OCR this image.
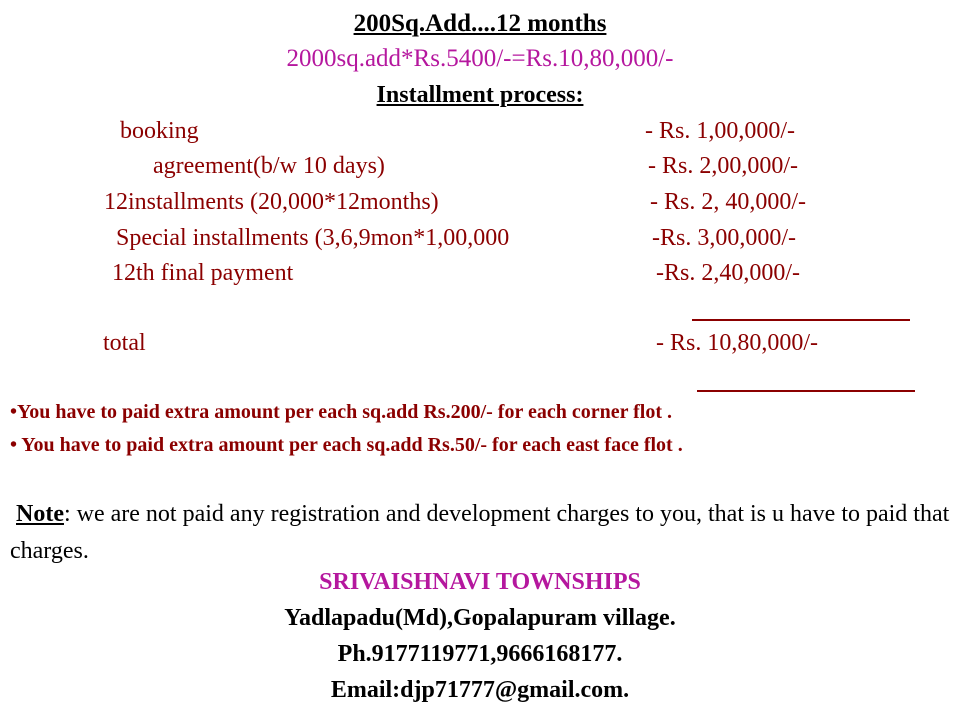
200Sq.Add....12 months
2000sq.add*Rs.5400/-=Rs.10,80,000/-
Installment process:
booking	- Rs. 1,00,000/-
agreement(b/w 10 days)	- Rs. 2,00,000/-
12installments (20,000*12months)	- Rs. 2, 40,000/-
Special installments (3,6,9mon*1,00,000	-Rs. 3,00,000/-
12th final payment	-Rs. 2,40,000/-
total	- Rs. 10,80,000/-
•You have to paid extra amount per each sq.add Rs.200/- for each corner flot .
• You have to paid extra amount per each sq.add Rs.50/- for each east face flot .
Note: we are not paid any registration and development charges to you, that is u have to paid that charges.
SRIVAISHNAVI TOWNSHIPS
Yadlapadu(Md),Gopalapuram village.
Ph.9177119771,9666168177.
Email:djp71777@gmail.com.
